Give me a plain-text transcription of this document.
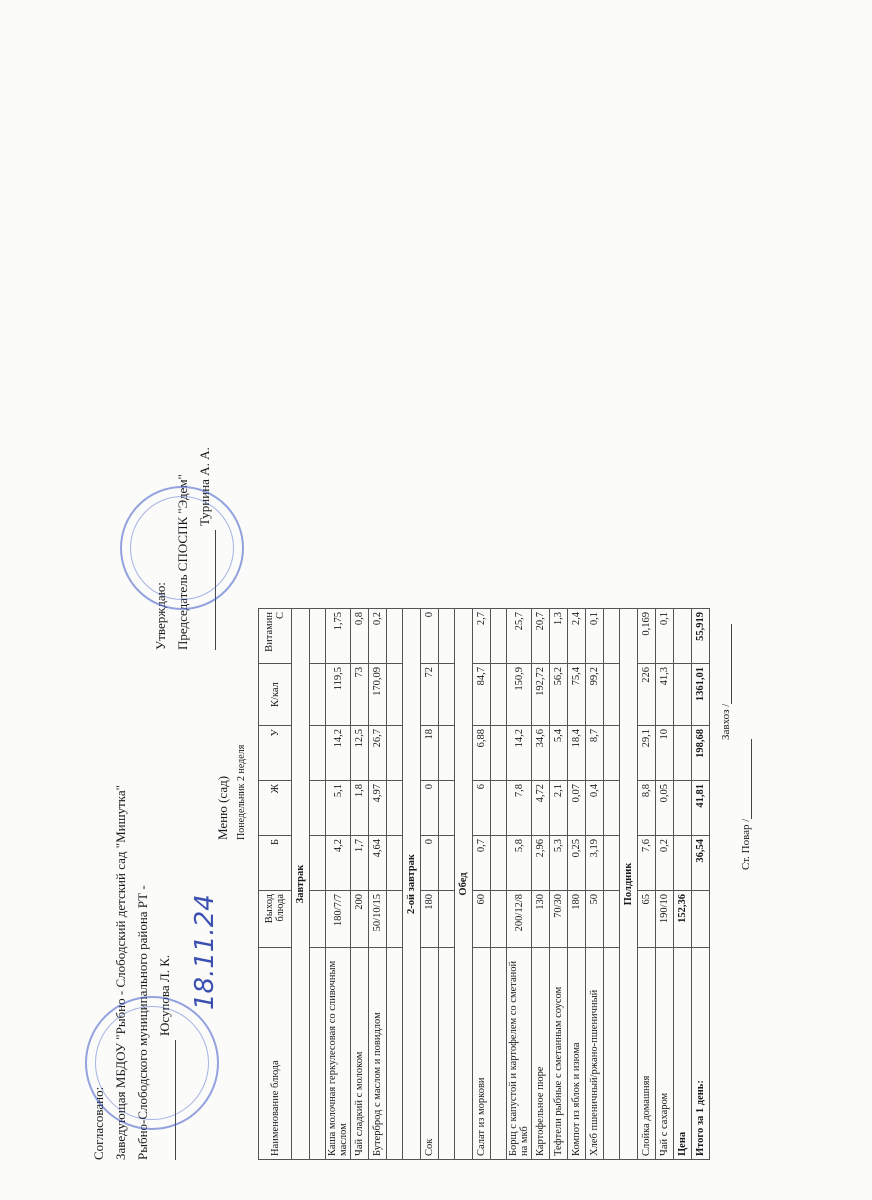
Согласовано: Заведующая МБДОУ "Рыбно - Слободский детский сад "Мишутка" Рыбно-Слободского муниципального района РТ - Юсупова Л. К.
Утверждаю: Председатель СПОСПК "Эдем" Турнина А. А.
18.11.24
Меню (сад) Понедельник 2 неделя
Наименование блюда	Выход блюда	Б	Ж	У	К/кал	Витамин С
Завтрак						

Каша молочная геркулесовая со сливочным маслом	180/7/7	4,2	5,1	14,2	119,5	1,75
Чай сладкий с молоком	200	1,7	1,8	12,5	73	0,8
Бутерброд с маслом и повидлом	50/10/15	4,64	4,97	26,7	170,09	0,2

2-ой завтрак						
Сок	180	0	0	18	72	0

Обед						
Салат из моркови	60	0,7	6	6,88	84,7	2,7

Борщ с капустой и картофелем со сметаной на мкб	200/12/8	5,8	7,8	14,2	150,9	25,7
Картофельное пюре	130	2,96	4,72	34,6	192,72	20,7
Тефтели рыбные с сметанным соусом	70/30	5,3	2,1	5,4	56,2	1,3
Компот из яблок и изюма	180	0,25	0,07	18,4	75,4	2,4
Хлеб пшеничный/ржано-пшеничный	50	3,19	0,4	8,7	99,2	0,1

Полдник						
Слойка домашняя	65	7,6	8,8	29,1	226	0,169
Чай с сахаром	190/10	0,2	0,05	10	41,3	0,1
Цена	152,36					
Итого за 1 день:		36,54	41,81	198,68	1361,01	55,919
Завхоз /
Ст. Повар /
